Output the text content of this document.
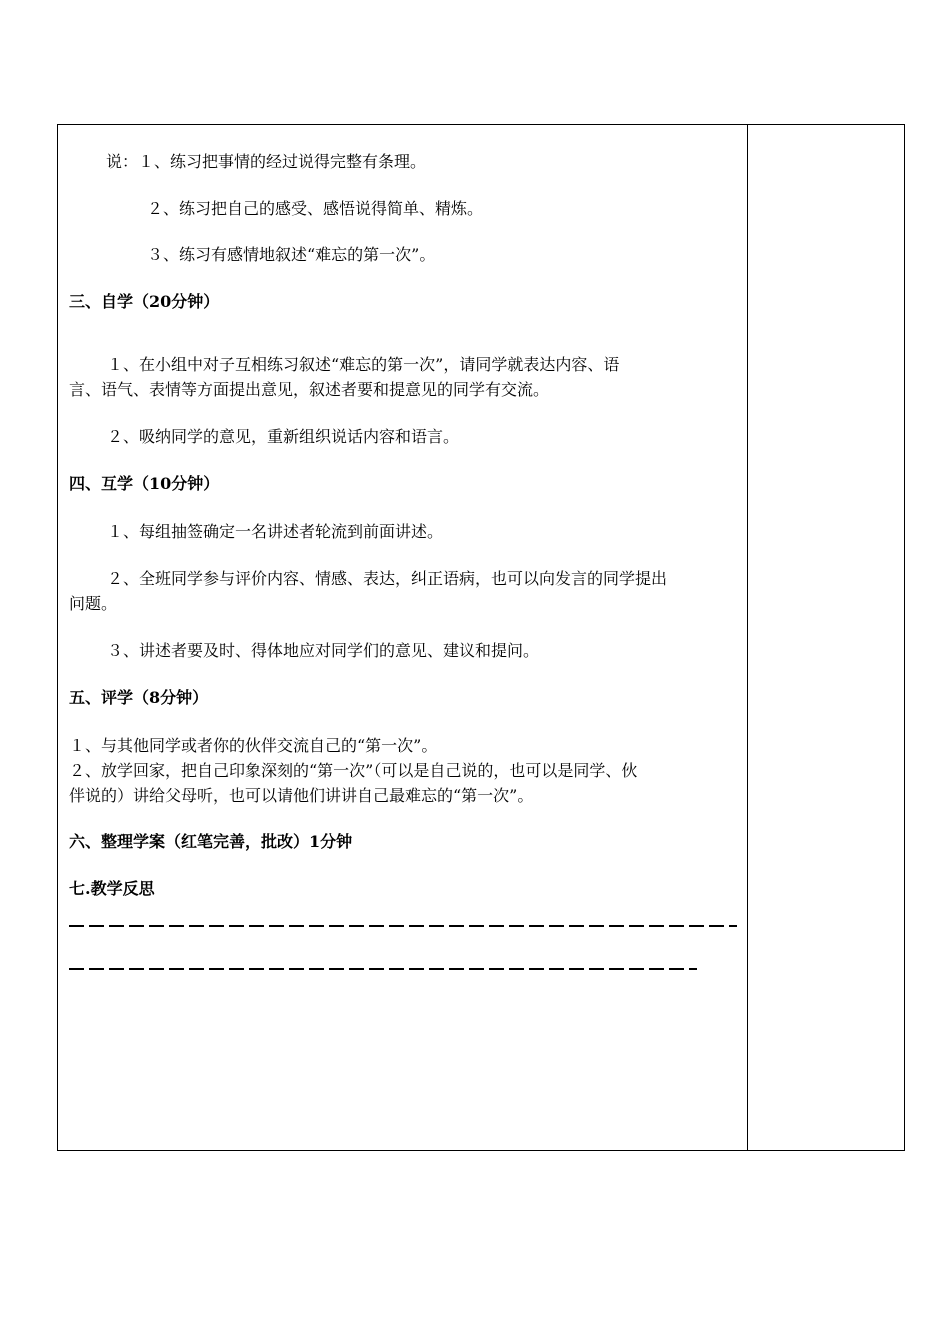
说：１、练习把事情的经过说得完整有条理。
２、练习把自己的感受、感悟说得简单、精炼。
３、练习有感情地叙述“难忘的第一次”。
三、自学（20分钟）
１、在小组中对子互相练习叙述“难忘的第一次”，请同学就表达内容、语
言、语气、表情等方面提出意见，叙述者要和提意见的同学有交流。
２、吸纳同学的意见，重新组织说话内容和语言。
四、互学（10分钟）
１、每组抽签确定一名讲述者轮流到前面讲述。
２、全班同学参与评价内容、情感、表达，纠正语病，也可以向发言的同学提出
问题。
３、讲述者要及时、得体地应对同学们的意见、建议和提问。
五、评学（8分钟）
１、与其他同学或者你的伙伴交流自己的“第一次”。
２、放学回家，把自己印象深刻的“第一次”（可以是自己说的，也可以是同学、伙
伴说的）讲给父母听，也可以请他们讲讲自己最难忘的“第一次”。
六、整理学案（红笔完善，批改）1分钟
七.教学反思
